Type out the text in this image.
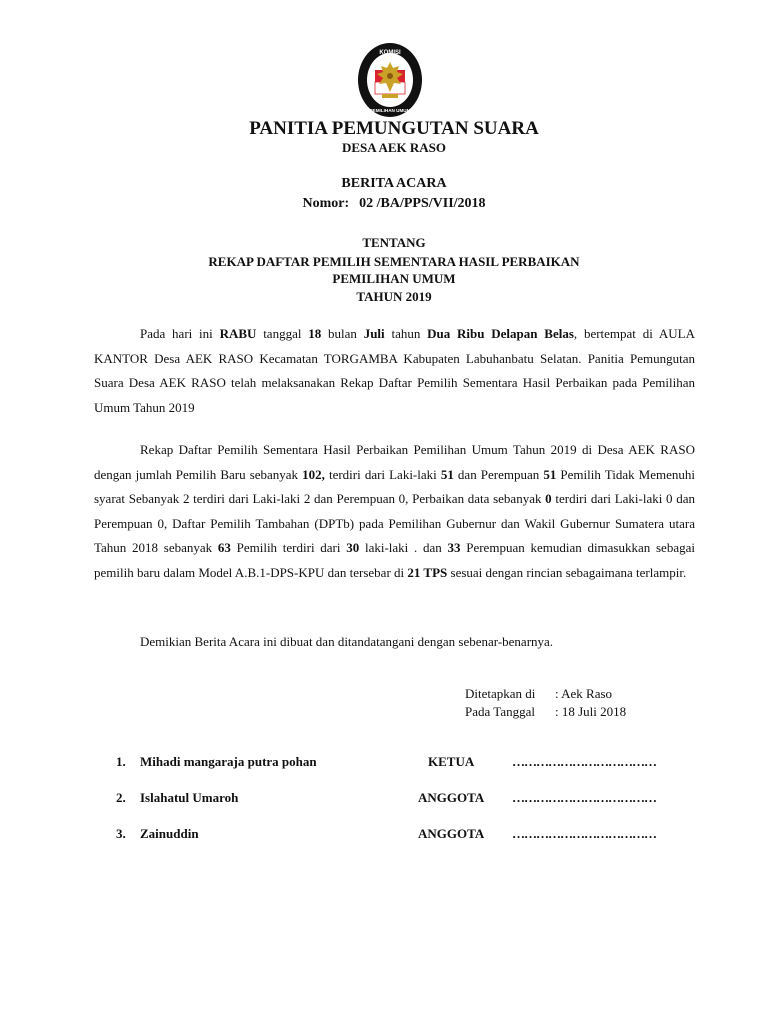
KOMISI
PEMILIHAN UMUM
PANITIA PEMUNGUTAN SUARA
DESA AEK RASO
BERITA ACARA
Nomor: 02 /BA/PPS/VII/2018
TENTANG
REKAP DAFTAR PEMILIH SEMENTARA HASIL PERBAIKAN
PEMILIHAN UMUM
TAHUN 2019

Pada hari ini RABU tanggal 18 bulan Juli tahun Dua Ribu Delapan Belas, bertempat di AULA KANTOR Desa AEK RASO Kecamatan TORGAMBA Kabupaten Labuhanbatu Selatan. Panitia Pemungutan Suara Desa AEK RASO telah melaksanakan Rekap Daftar Pemilih Sementara Hasil Perbaikan pada Pemilihan Umum Tahun 2019

Rekap Daftar Pemilih Sementara Hasil Perbaikan Pemilihan Umum Tahun 2019 di Desa AEK RASO dengan jumlah Pemilih Baru sebanyak 102, terdiri dari Laki-laki 51 dan Perempuan 51 Pemilih Tidak Memenuhi syarat Sebanyak 2 terdiri dari Laki-laki 2 dan Perempuan 0, Perbaikan data sebanyak 0 terdiri dari Laki-laki 0 dan Perempuan 0, Daftar Pemilih Tambahan (DPTb) pada Pemilihan Gubernur dan Wakil Gubernur Sumatera utara Tahun 2018 sebanyak 63 Pemilih terdiri dari 30 laki-laki . dan 33 Perempuan kemudian dimasukkan sebagai pemilih baru dalam Model A.B.1-DPS-KPU dan tersebar di 21 TPS sesuai dengan rincian sebagaimana terlampir.

Demikian Berita Acara ini dibuat dan ditandatangani dengan sebenar-benarnya.

Ditetapkan di : Aek Raso
Pada Tanggal : 18 Juli 2018
1. Mihadi mangaraja putra pohan	KETUA	………………………………
2. Islahatul Umaroh	ANGGOTA ………………………………
3. Zainuddin	ANGGOTA ………………………………
